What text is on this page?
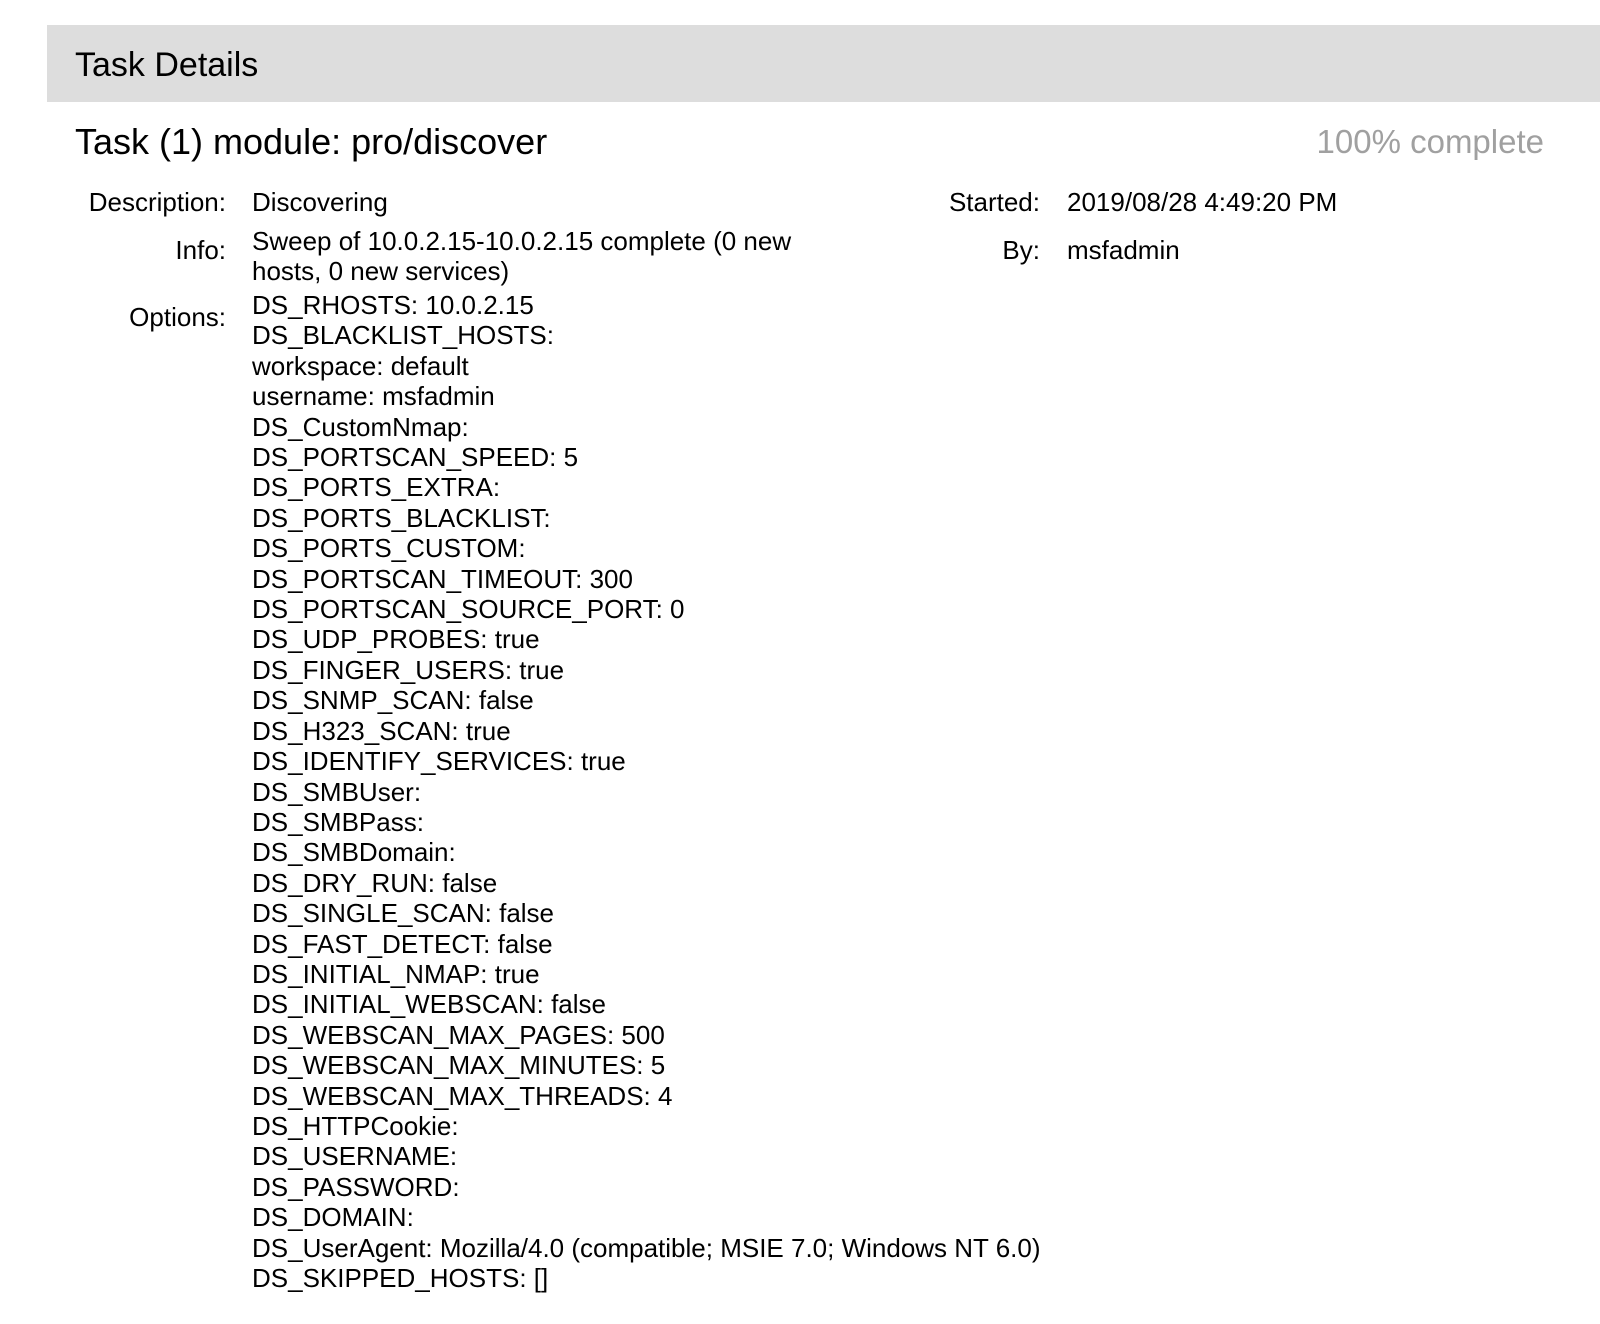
Task Details
Task (1) module: pro/discover	100% complete
Description: Discovering
Info: Sweep of 10.0.2.15-10.0.2.15 complete (0 new hosts, 0 new services)
Options: DS_RHOSTS: 10.0.2.15
DS_BLACKLIST_HOSTS:
workspace: default
username: msfadmin
DS_CustomNmap:
DS_PORTSCAN_SPEED: 5
DS_PORTS_EXTRA:
DS_PORTS_BLACKLIST:
DS_PORTS_CUSTOM:
DS_PORTSCAN_TIMEOUT: 300
DS_PORTSCAN_SOURCE_PORT: 0
DS_UDP_PROBES: true
DS_FINGER_USERS: true
DS_SNMP_SCAN: false
DS_H323_SCAN: true
DS_IDENTIFY_SERVICES: true
DS_SMBUser:
DS_SMBPass:
DS_SMBDomain:
DS_DRY_RUN: false
DS_SINGLE_SCAN: false
DS_FAST_DETECT: false
DS_INITIAL_NMAP: true
DS_INITIAL_WEBSCAN: false
DS_WEBSCAN_MAX_PAGES: 500
DS_WEBSCAN_MAX_MINUTES: 5
DS_WEBSCAN_MAX_THREADS: 4
DS_HTTPCookie:
DS_USERNAME:
DS_PASSWORD:
DS_DOMAIN:
DS_UserAgent: Mozilla/4.0 (compatible; MSIE 7.0; Windows NT 6.0)
DS_SKIPPED_HOSTS: []
Started: 2019/08/28 4:49:20 PM
By: msfadmin
